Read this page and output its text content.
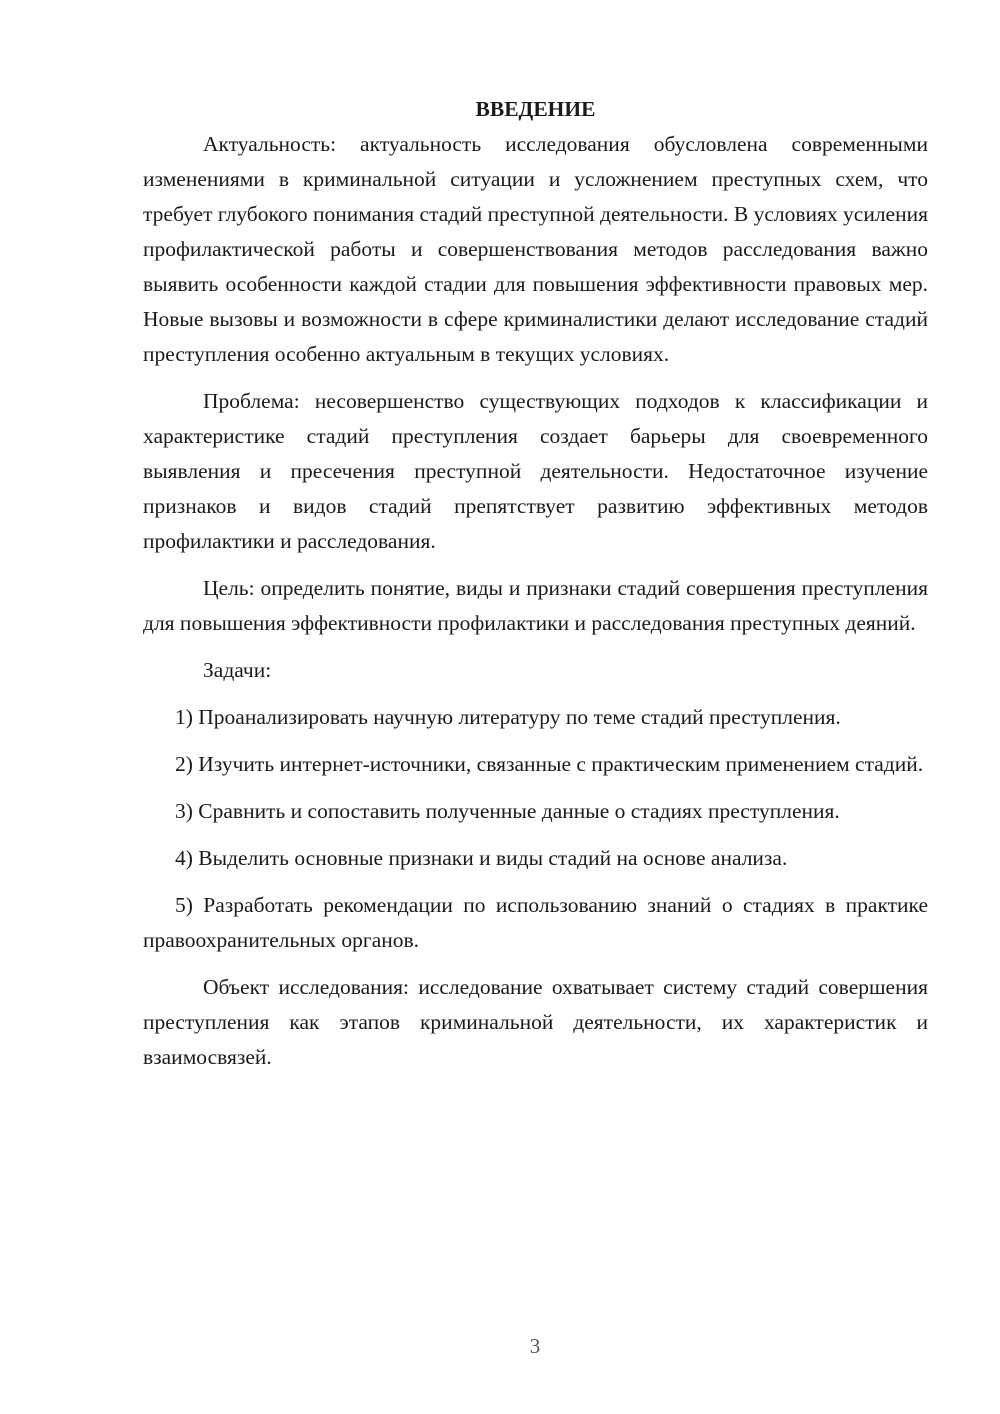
ВВЕДЕНИЕ

Актуальность: актуальность исследования обусловлена современными изменениями в криминальной ситуации и усложнением преступных схем, что требует глубокого понимания стадий преступной деятельности. В условиях усиления профилактической работы и совершенствования методов расследования важно выявить особенности каждой стадии для повышения эффективности правовых мер. Новые вызовы и возможности в сфере криминалистики делают исследование стадий преступления особенно актуальным в текущих условиях.

Проблема: несовершенство существующих подходов к классификации и характеристике стадий преступления создает барьеры для своевременного выявления и пресечения преступной деятельности. Недостаточное изучение признаков и видов стадий препятствует развитию эффективных методов профилактики и расследования.

Цель: определить понятие, виды и признаки стадий совершения преступления для повышения эффективности профилактики и расследования преступных деяний.

Задачи:

1) Проанализировать научную литературу по теме стадий преступления.

2) Изучить интернет-источники, связанные с практическим применением стадий.

3) Сравнить и сопоставить полученные данные о стадиях преступления.

4) Выделить основные признаки и виды стадий на основе анализа.

5) Разработать рекомендации по использованию знаний о стадиях в практике правоохранительных органов.

Объект исследования: исследование охватывает систему стадий совершения преступления как этапов криминальной деятельности, их характеристик и взаимосвязей.

3
